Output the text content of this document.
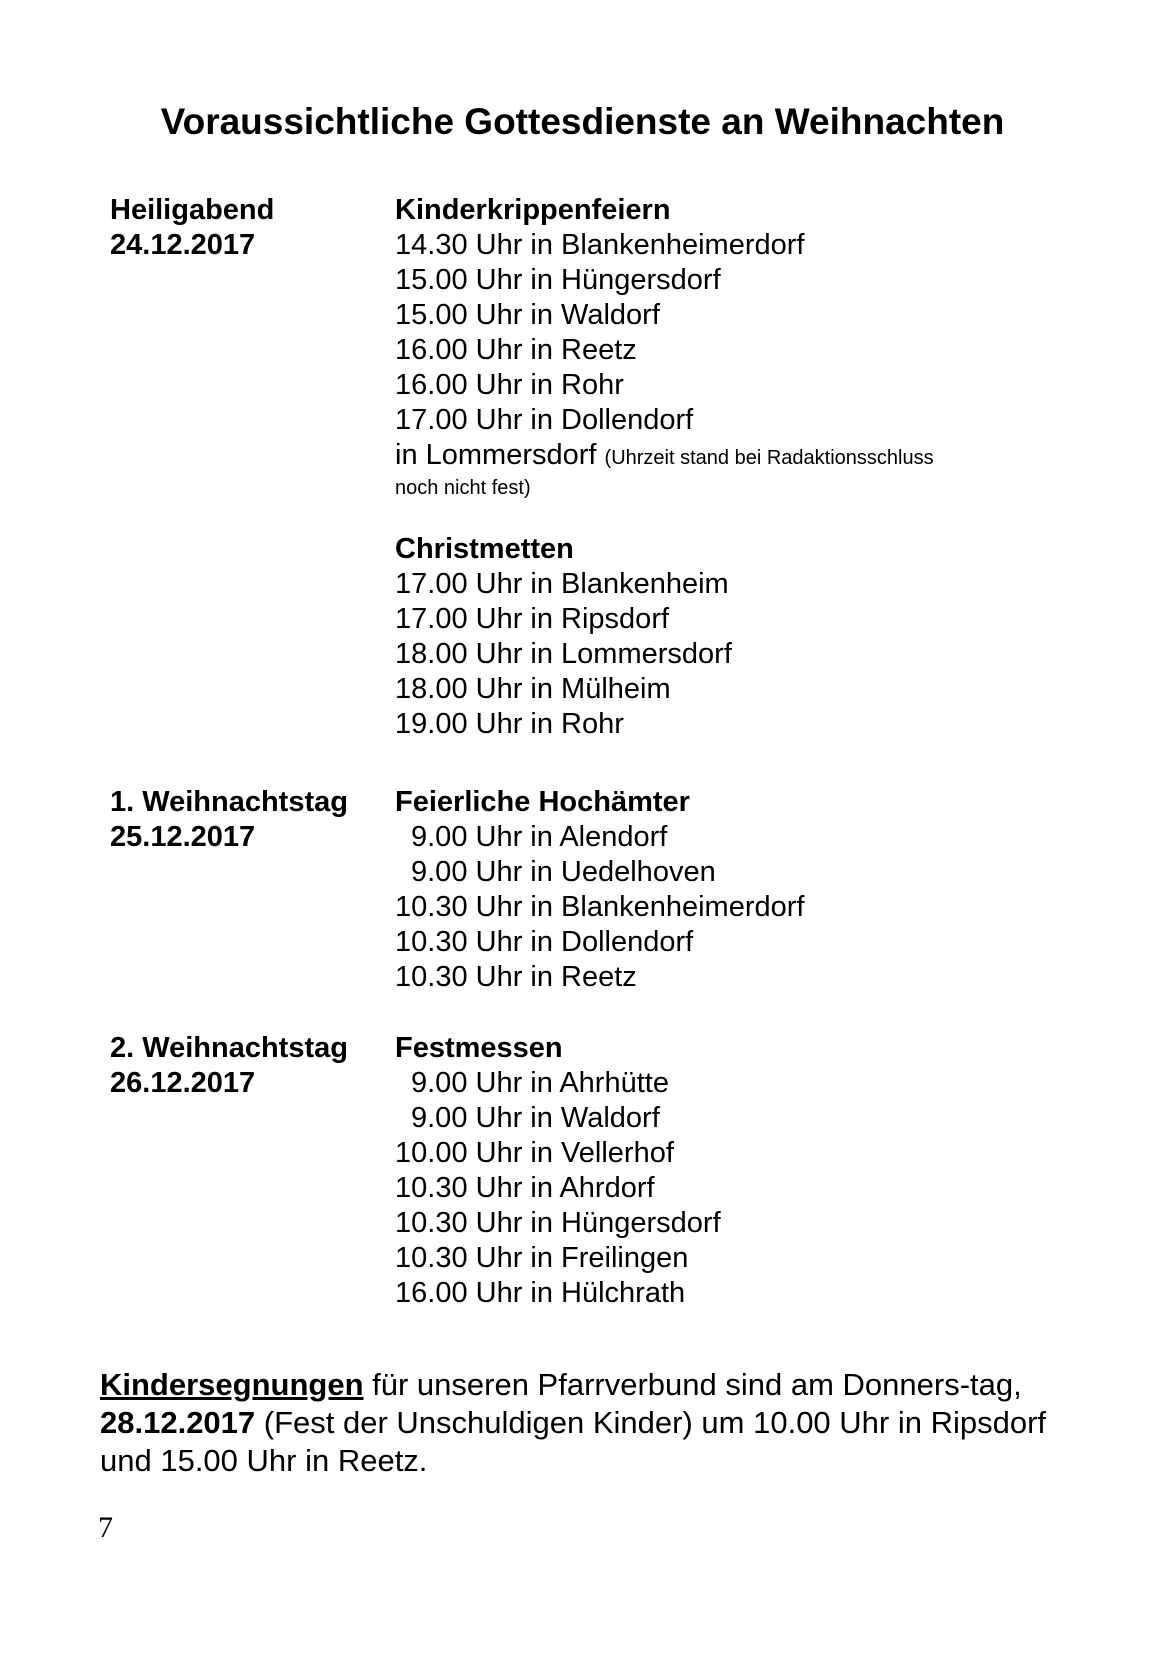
Voraussichtliche Gottesdienste an Weihnachten
Heiligabend
24.12.2017
Kinderkrippenfeiern
14.30 Uhr in Blankenheimerdorf
15.00 Uhr in Hüngersdorf
15.00 Uhr in Waldorf
16.00 Uhr in Reetz
16.00 Uhr in Rohr
17.00 Uhr in Dollendorf
in Lommersdorf (Uhrzeit stand bei Radaktionsschluss
noch nicht fest)
Christmetten
17.00 Uhr in Blankenheim
17.00 Uhr in Ripsdorf
18.00 Uhr in Lommersdorf
18.00 Uhr in Mülheim
19.00 Uhr in Rohr
1. Weihnachtstag
25.12.2017
Feierliche Hochämter
9.00 Uhr in Alendorf
9.00 Uhr in Uedelhoven
10.30 Uhr in Blankenheimerdorf
10.30 Uhr in Dollendorf
10.30 Uhr in Reetz
2. Weihnachtstag
26.12.2017
Festmessen
9.00 Uhr in Ahrhütte
9.00 Uhr in Waldorf
10.00 Uhr in Vellerhof
10.30 Uhr in Ahrdorf
10.30 Uhr in Hüngersdorf
10.30 Uhr in Freilingen
16.00 Uhr in Hülchrath

Kindersegnungen für unseren Pfarrverbund sind am Donners-tag, 28.12.2017 (Fest der Unschuldigen Kinder) um 10.00 Uhr in Ripsdorf und 15.00 Uhr in Reetz.

7
